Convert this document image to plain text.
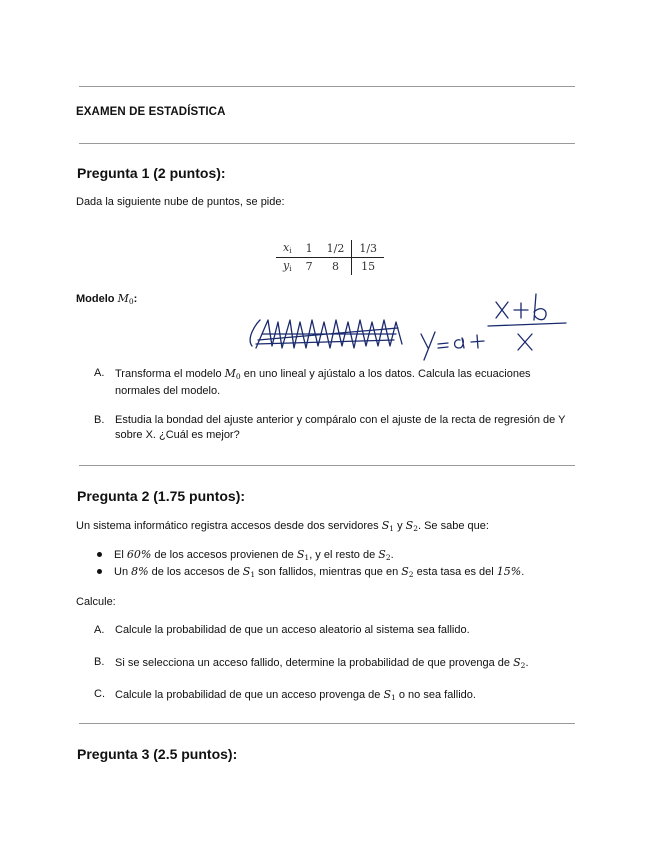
EXAMEN DE ESTADÍSTICA
Pregunta 1 (2 puntos):
Dada la siguiente nube de puntos, se pide:
$x_i$	1	1/2	1/3
$y_i$	7	8	15
Modelo $M_0$:
A. Transforma el modelo $M_0$ en uno lineal y ajústalo a los datos. Calcula las ecuaciones normales del modelo.
B. Estudia la bondad del ajuste anterior y compáralo con el ajuste de la recta de regresión de Y sobre X. ¿Cuál es mejor?
Pregunta 2 (1.75 puntos):
Un sistema informático registra accesos desde dos servidores $S_1$ y $S_2$. Se sabe que:
El 60% de los accesos provienen de $S_1$, y el resto de $S_2$.
Un 8% de los accesos de $S_1$ son fallidos, mientras que en $S_2$ esta tasa es del 15%.
Calcule:
A. Calcule la probabilidad de que un acceso aleatorio al sistema sea fallido.
B. Si se selecciona un acceso fallido, determine la probabilidad de que provenga de $S_2$.
C. Calcule la probabilidad de que un acceso provenga de $S_1$ o no sea fallido.
Pregunta 3 (2.5 puntos):
